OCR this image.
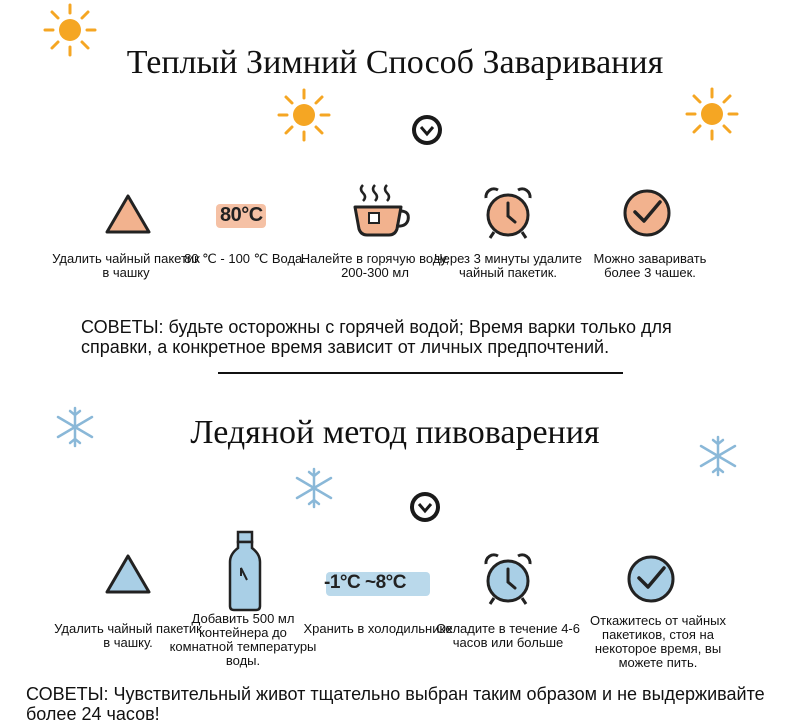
Теплый Зимний Способ Заваривания
Удалить чайный пакетик в чашку
80°C
80 ℃ - 100 ℃ Вода.
Налейте в горячую воду, 200-300 мл
Через 3 минуты удалите чайный пакетик.
Можно заваривать более 3 чашек.
СОВЕТЫ: будьте осторожны с горячей водой; Время варки только для справки, а конкретное время зависит от личных предпочтений.
Ледяной метод пивоварения
Удалить чайный пакетик в чашку.
Добавить 500 мл контейнера до комнатной температуры воды.
-1°C ~8°C
Хранить в холодильнике
Охладите в течение 4-6 часов или больше
Откажитесь от чайных пакетиков, стоя на некоторое время, вы можете пить.
СОВЕТЫ: Чувствительный живот тщательно выбран таким образом и не выдерживайте более 24 часов!
